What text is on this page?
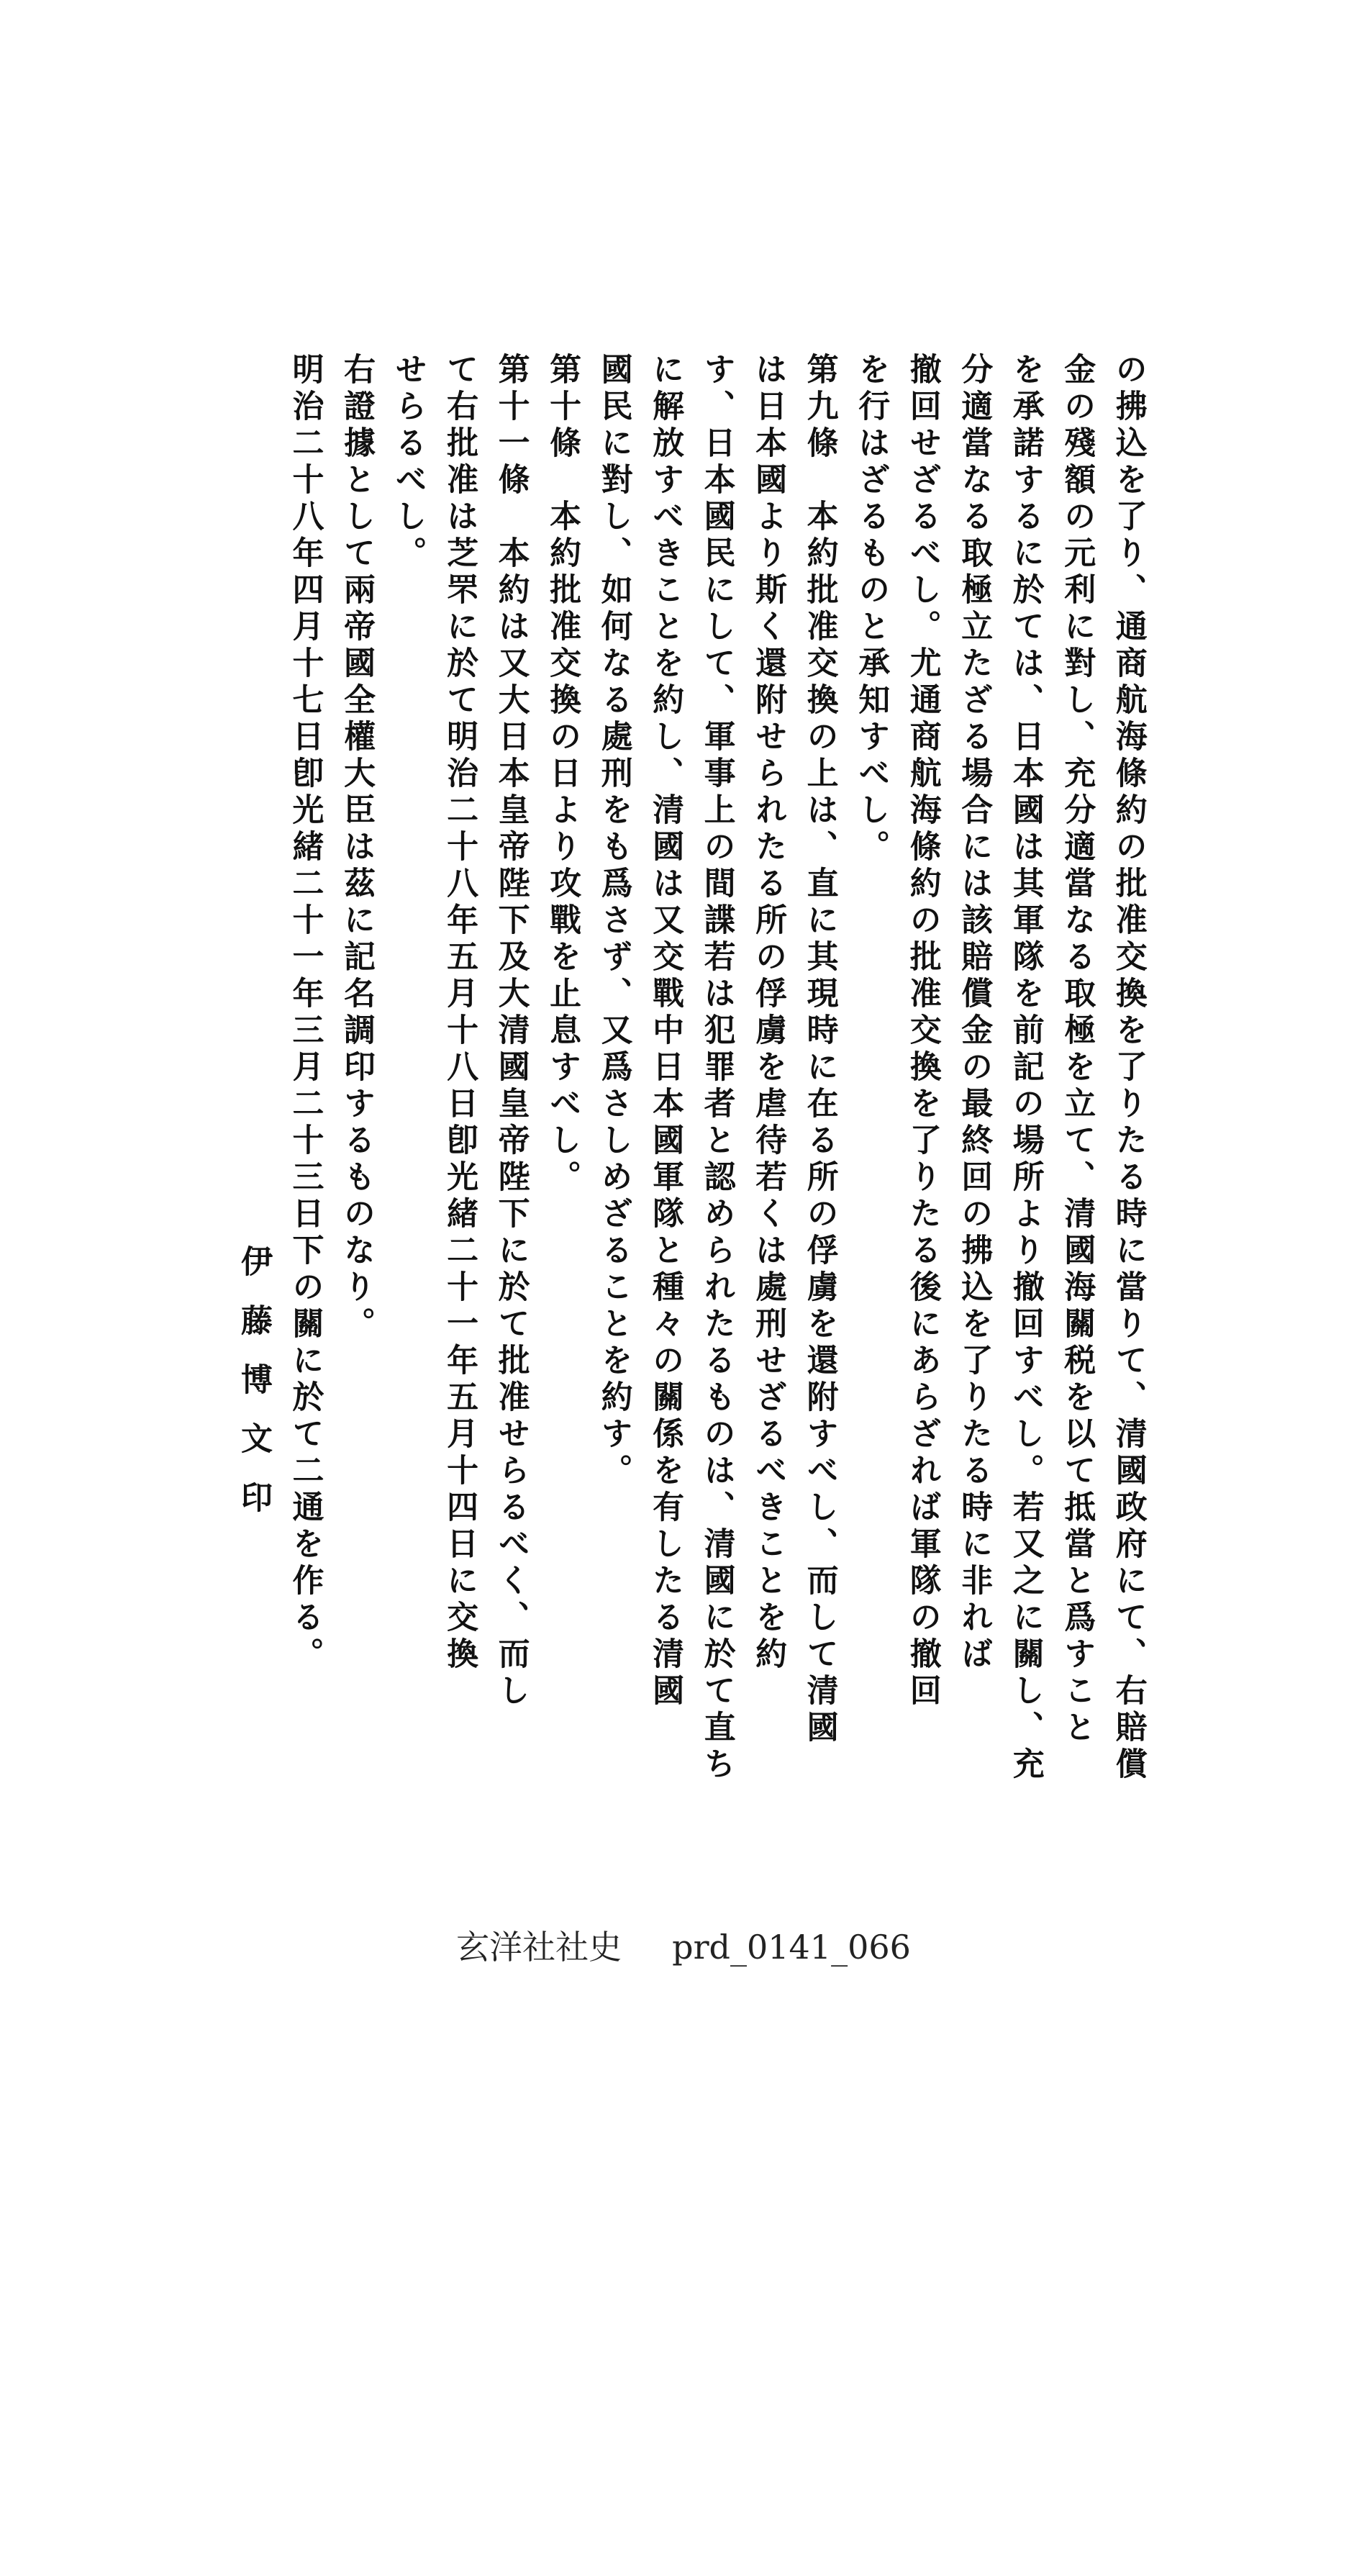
の拂込を了り、通商航海條約の批准交換を了りたる時に當りて、清國政府にて、右賠償
金の殘額の元利に對し、充分適當なる取極を立て、清國海關税を以て抵當と爲すこと
を承諾するに於ては、日本國は其軍隊を前記の場所より撤回すべし。若又之に關し、充
分適當なる取極立たざる場合には該賠償金の最終回の拂込を了りたる時に非れば
撤回せざるべし。尤通商航海條約の批准交換を了りたる後にあらざれば軍隊の撤回
を行はざるものと承知すべし。
第九條　本約批准交換の上は、直に其現時に在る所の俘虜を還附すべし、而して清國
は日本國より斯く還附せられたる所の俘虜を虐待若くは處刑せざるべきことを約
す、日本國民にして、軍事上の間諜若は犯罪者と認められたるものは、清國に於て直ち
に解放すべきことを約し、清國は又交戰中日本國軍隊と種々の關係を有したる清國
國民に對し、如何なる處刑をも爲さず、又爲さしめざることを約す。
第十條　本約批准交換の日より攻戰を止息すべし。
第十一條　本約は又大日本皇帝陛下及大清國皇帝陛下に於て批准せらるべく、而し
て右批准は芝罘に於て明治二十八年五月十八日卽光緒二十一年五月十四日に交換
せらるべし。
右證據として兩帝國全權大臣は茲に記名調印するものなり。
明治二十八年四月十七日卽光緒二十一年三月二十三日下の關に於て二通を作る。
伊藤博文印
玄洋社社史 prd_0141_066
